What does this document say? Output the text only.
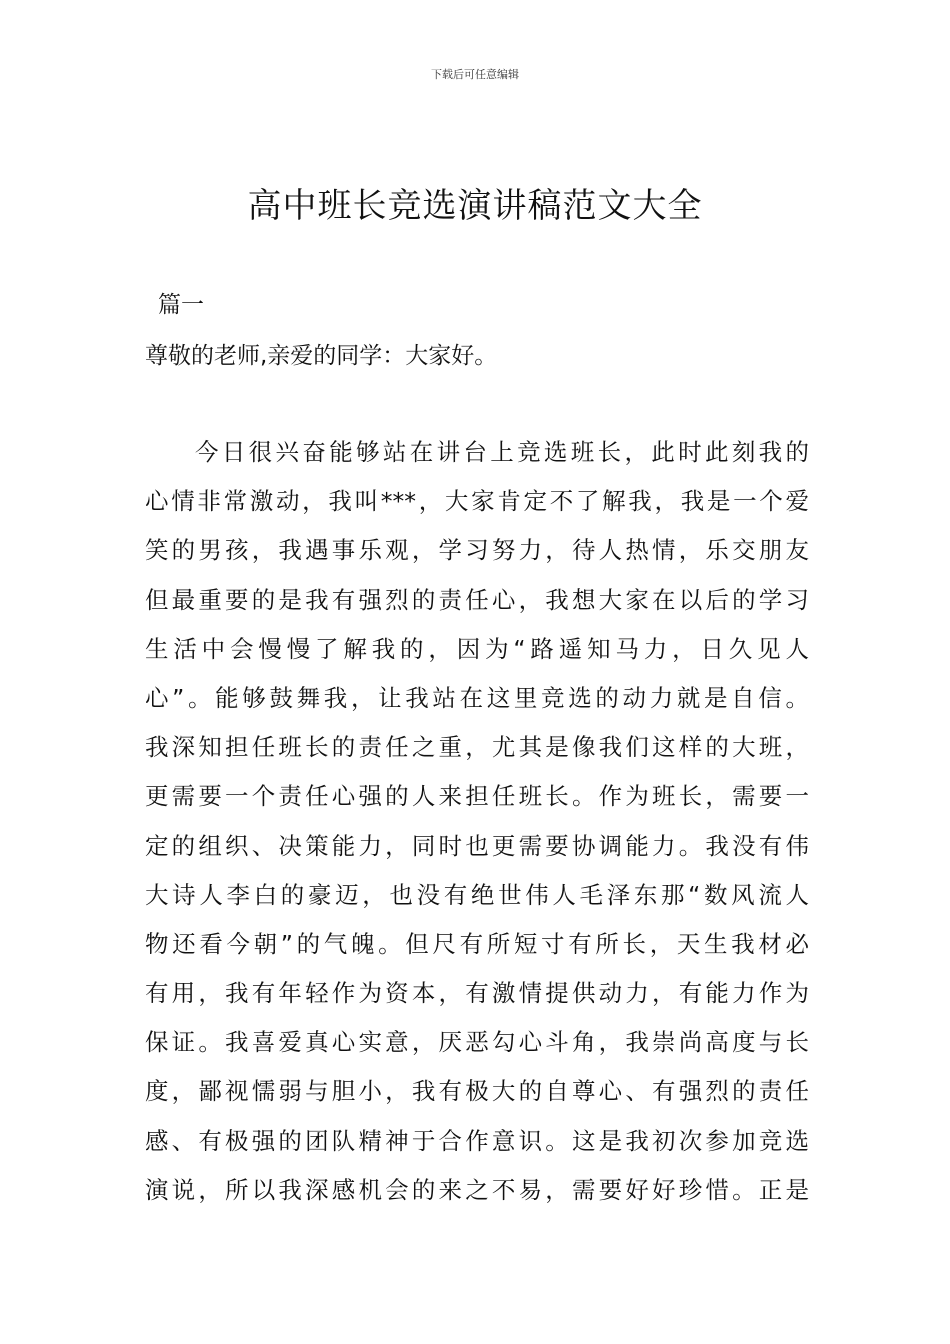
下载后可任意编辑
高中班长竞选演讲稿范文大全
篇一
尊敬的老师,亲爱的同学：大家好。
今日很兴奋能够站在讲台上竞选班长，此时此刻我的
心情非常激动，我叫***，大家肯定不了解我，我是一个爱
笑的男孩，我遇事乐观，学习努力，待人热情，乐交朋友
但最重要的是我有强烈的责任心，我想大家在以后的学习
生活中会慢慢了解我的，因为“路遥知马力，日久见人
心”。能够鼓舞我，让我站在这里竞选的动力就是自信。
我深知担任班长的责任之重，尤其是像我们这样的大班，
更需要一个责任心强的人来担任班长。作为班长，需要一
定的组织、决策能力，同时也更需要协调能力。我没有伟
大诗人李白的豪迈，也没有绝世伟人毛泽东那“数风流人
物还看今朝”的气魄。但尺有所短寸有所长，天生我材必
有用，我有年轻作为资本，有激情提供动力，有能力作为
保证。我喜爱真心实意，厌恶勾心斗角，我崇尚高度与长
度，鄙视懦弱与胆小，我有极大的自尊心、有强烈的责任
感、有极强的团队精神于合作意识。这是我初次参加竞选
演说，所以我深感机会的来之不易，需要好好珍惜。正是
